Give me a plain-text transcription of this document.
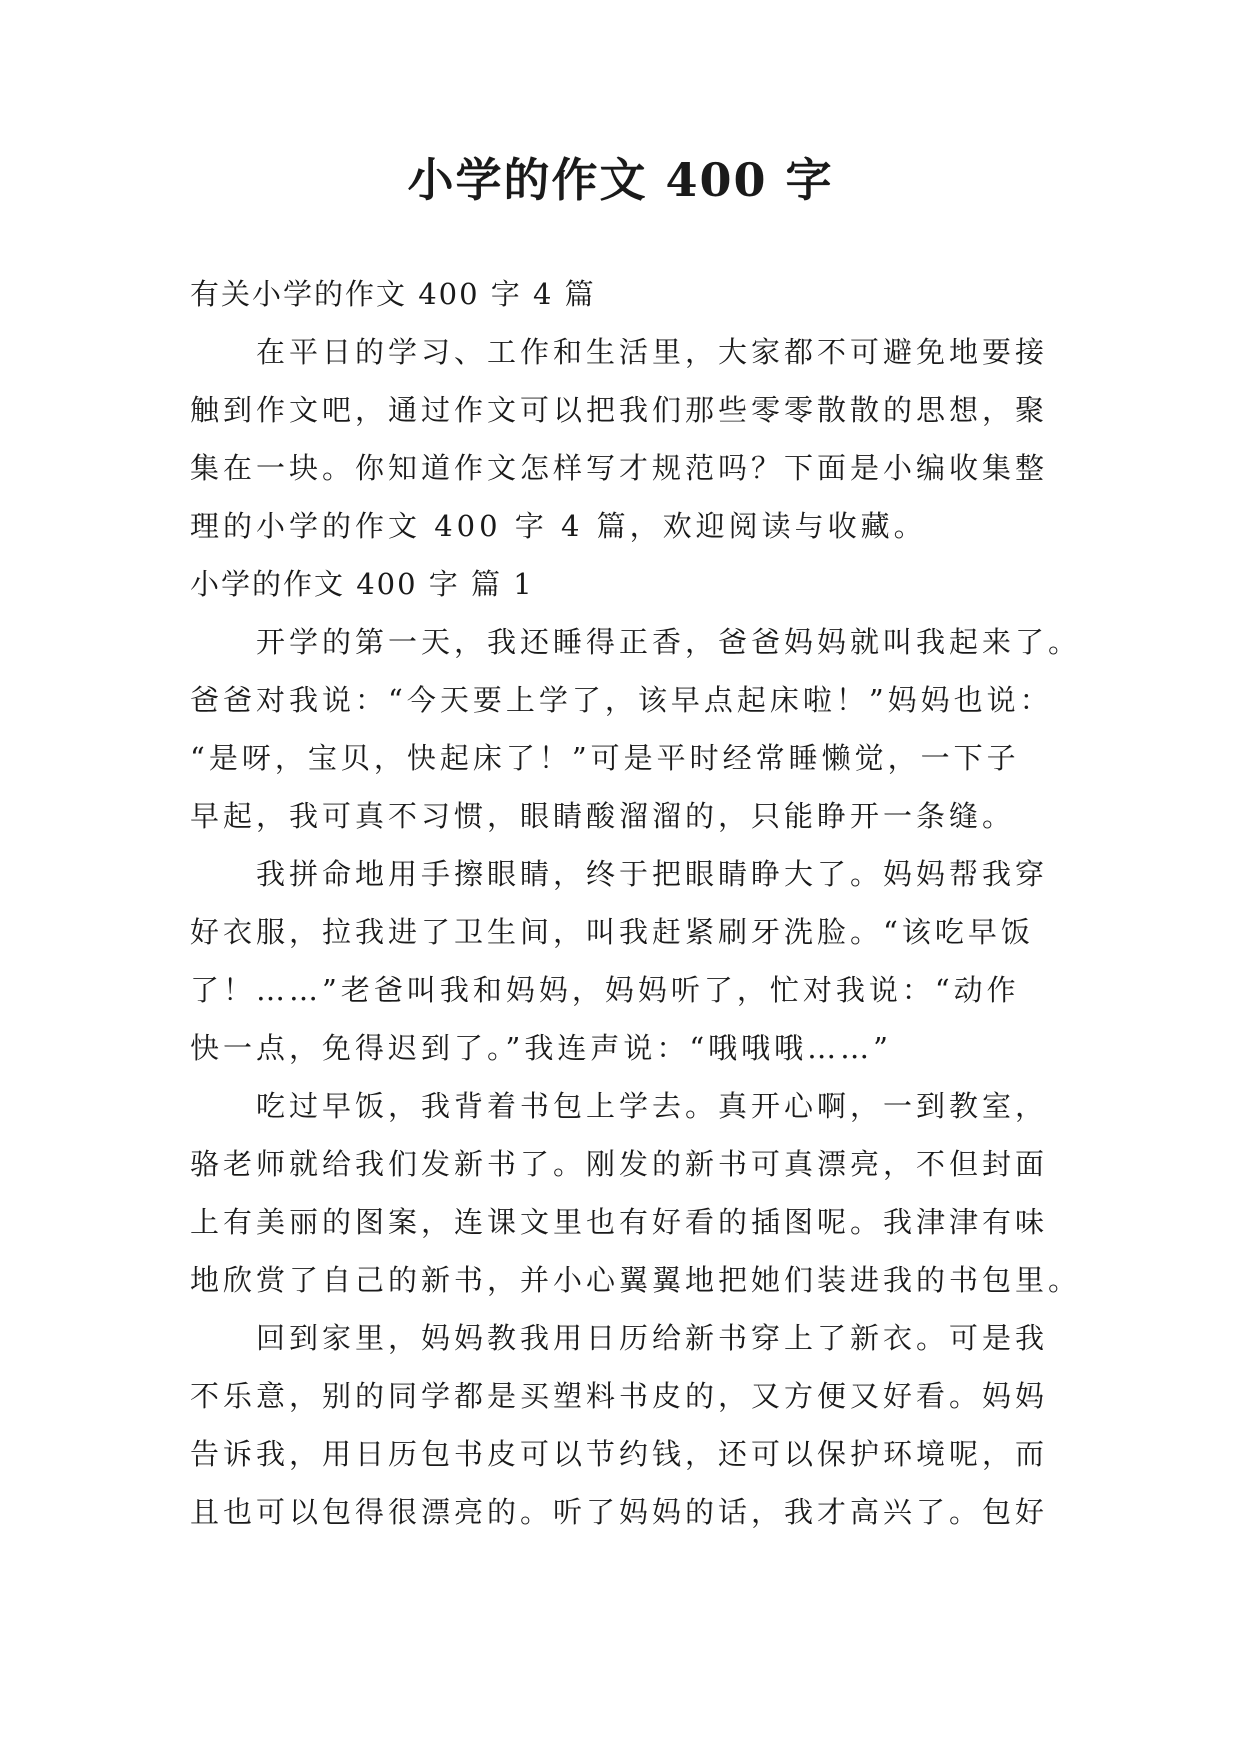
小学的作文 400 字
有关小学的作文 400 字 4 篇
在平日的学习、工作和生活里，大家都不可避免地要接
触到作文吧，通过作文可以把我们那些零零散散的思想，聚
集在一块。你知道作文怎样写才规范吗？下面是小编收集整
理的小学的作文 400 字 4 篇，欢迎阅读与收藏。
小学的作文 400 字 篇 1
开学的第一天，我还睡得正香，爸爸妈妈就叫我起来了。
爸爸对我说：“今天要上学了，该早点起床啦！”妈妈也说：
“是呀，宝贝，快起床了！”可是平时经常睡懒觉，一下子
早起，我可真不习惯，眼睛酸溜溜的，只能睁开一条缝。
我拼命地用手擦眼睛，终于把眼睛睁大了。妈妈帮我穿
好衣服，拉我进了卫生间，叫我赶紧刷牙洗脸。“该吃早饭
了！……”老爸叫我和妈妈，妈妈听了，忙对我说：“动作
快一点，免得迟到了。”我连声说：“哦哦哦……”
吃过早饭，我背着书包上学去。真开心啊，一到教室，
骆老师就给我们发新书了。刚发的新书可真漂亮，不但封面
上有美丽的图案，连课文里也有好看的插图呢。我津津有味
地欣赏了自己的新书，并小心翼翼地把她们装进我的书包里。
回到家里，妈妈教我用日历给新书穿上了新衣。可是我
不乐意，别的同学都是买塑料书皮的，又方便又好看。妈妈
告诉我，用日历包书皮可以节约钱，还可以保护环境呢，而
且也可以包得很漂亮的。听了妈妈的话，我才高兴了。包好
